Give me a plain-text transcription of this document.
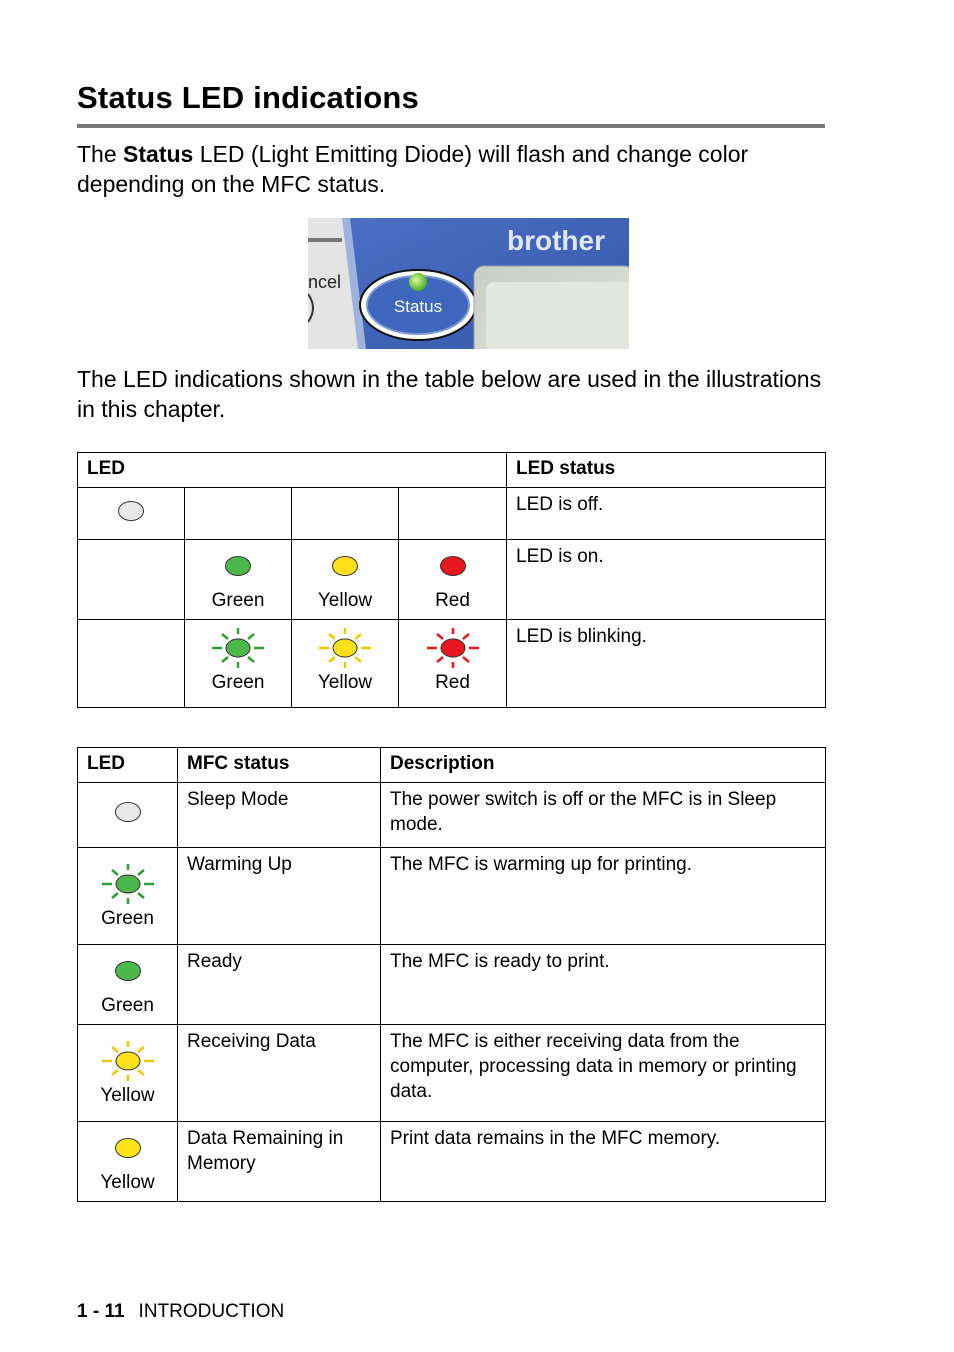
Status LED indications

The Status LED (Light Emitting Diode) will flash and change color depending on the MFC status.

ncel
Status
brother

The LED indications shown in the table below are used in the illustrations in this chapter.

LED				LED status
				LED is off.

	Green	Yellow	Red	LED is on.

	Green	Yellow	Red	LED is blinking.
LED	MFC status	Description
	Sleep Mode	The power switch is off or the MFC is in Sleep mode.

Green	Warming Up	The MFC is warming up for printing.

Green	Ready	The MFC is ready to print.

Yellow	Receiving Data	The MFC is either receiving data from the computer, processing data in memory or printing data.

Yellow	Data Remaining in Memory	Print data remains in the MFC memory.
1 - 11 INTRODUCTION
